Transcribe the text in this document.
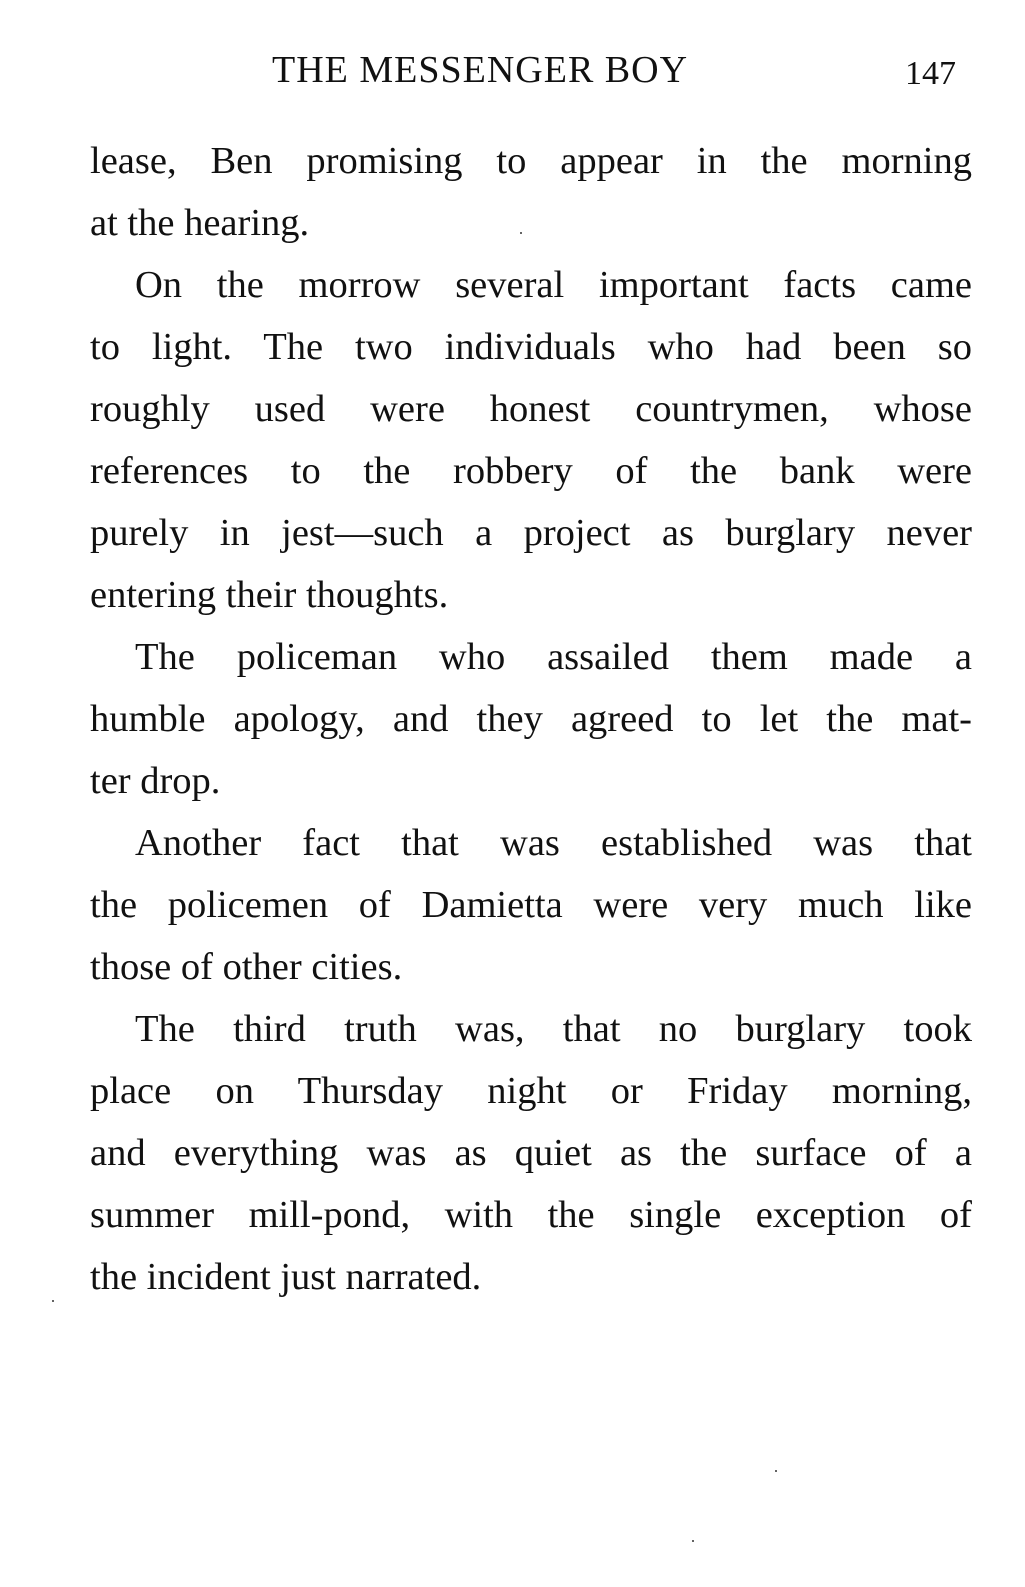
THE MESSENGER BOY	147
lease, Ben promising to appear in the morning
at the hearing.
On the morrow several important facts came
to light. The two individuals who had been so
roughly used were honest countrymen, whose
references to the robbery of the bank were
purely in jest—such a project as burglary never
entering their thoughts.
The policeman who assailed them made a
humble apology, and they agreed to let the mat-
ter drop.
Another fact that was established was that
the policemen of Damietta were very much like
those of other cities.
The third truth was, that no burglary took
place on Thursday night or Friday morning,
and everything was as quiet as the surface of a
summer mill-pond, with the single exception of
the incident just narrated.
